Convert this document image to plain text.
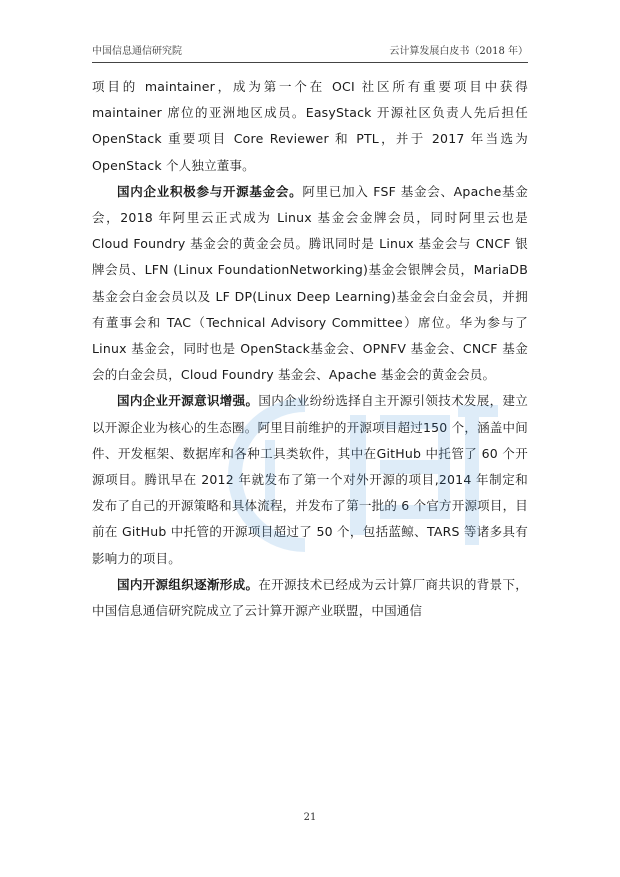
中国信息通信研究院	云计算发展白皮书（2018 年）

项目的 maintainer，成为第一个在 OCI 社区所有重要项目中获得maintainer 席位的亚洲地区成员。EasyStack 开源社区负责人先后担任 OpenStack 重要项目 Core Reviewer 和 PTL，并于 2017 年当选为OpenStack 个人独立董事。

国内企业积极参与开源基金会。阿里已加入 FSF 基金会、Apache基金会，2018 年阿里云正式成为 Linux 基金会金牌会员，同时阿里云也是 Cloud Foundry 基金会的黄金会员。腾讯同时是 Linux 基金会与 CNCF 银牌会员、LFN (Linux FoundationNetworking)基金会银牌会员，MariaDB 基金会白金会员以及 LF DP(Linux Deep Learning)基金会白金会员，并拥有董事会和 TAC（Technical Advisory Committee）席位。华为参与了 Linux 基金会，同时也是 OpenStack基金会、OPNFV 基金会、CNCF 基金会的白金会员，Cloud Foundry 基金会、Apache 基金会的黄金会员。

国内企业开源意识增强。国内企业纷纷选择自主开源引领技术发展，建立以开源企业为核心的生态圈。阿里目前维护的开源项目超过150 个，涵盖中间件、开发框架、数据库和各种工具类软件，其中在GitHub 中托管了 60 个开源项目。腾讯早在 2012 年就发布了第一个对外开源的项目,2014 年制定和发布了自己的开源策略和具体流程，并发布了第一批的 6 个官方开源项目，目前在 GitHub 中托管的开源项目超过了 50 个，包括蓝鲸、TARS 等诸多具有影响力的项目。

国内开源组织逐渐形成。在开源技术已经成为云计算厂商共识的背景下，中国信息通信研究院成立了云计算开源产业联盟，中国通信

21
